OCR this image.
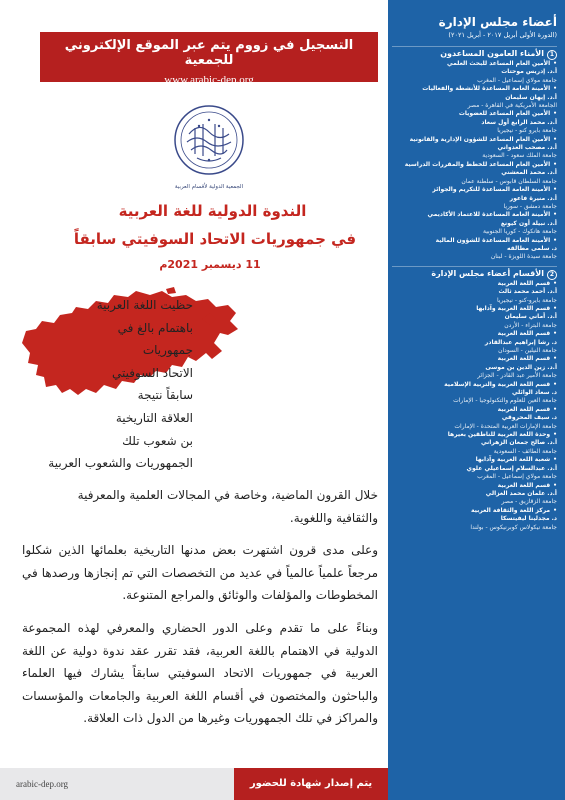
التسجيل في زووم يتم عبر الموقع الإلكتروني للجمعية
www.arabic-dep.org
الجمعية الدولية لأقسام العربية
الندوة الدولية للغة العربية
في جمهوريات الاتحاد السوفيتي سابقاً
11 ديسمبر 2021م
حظيت اللغة العربية
باهتمام بالغ في
جمهوريات
الاتحاد السوفيتي
سابقاً نتيجة
العلاقة التاريخية
بن شعوب تلك
الجمهوريات والشعوب العربية
خلال القرون الماضية، وخاصة في المجالات العلمية والمعرفية
والثقافية واللغوية.
وعلى مدى قرون اشتهرت بعض مدنها التاريخية بعلمائها الذين شكلوا مرجعاً علمياً عالمياً في عديد من التخصصات التي تم إنجازها ورصدها في المخطوطات والمؤلفات والوثائق والمراجع المتنوعة.
وبناءً على ما تقدم وعلى الدور الحضاري والمعرفي لهذه المجموعة الدولية في الاهتمام باللغة العربية، فقد تقرر عقد ندوة دولية عن اللغة العربية في جمهوريات الاتحاد السوفيتي سابقاً يشارك فيها العلماء والباحثون والمختصون في أقسام اللغة العربية والجامعات والمؤسسات والمراكز في تلك الجمهوريات وغيرها من الدول ذات العلاقة.
arabic-dep.org	يتم إصدار شهادة للحضور
أعضاء مجلس الإدارة
(الدورة الأولى أبريل ٢٠١٧ - أبريل ٢٠٢١)
1الأمناء العامون المساعدون
• الأمين العام المساعد للبحث العلمي
أ.د. إدريس موحتات
جامعة مولاي إسماعيل - المغرب
• الأمينة العامة المساعدة للأنشطة والفعاليات
أ.د. إيهان سليمان
الجامعة الأمريكية في القاهرة - مصر
• الأمين العام المساعد للعضويات
أ.د. محمد الرابع أول سعاد
جامعة بايرو كنو - نيجيريا
• الأمين العام المساعد للشؤون الإدارية والقانونية
أ.د. مصحب العدواني
جامعة الملك سعود - السعودية
• الأمين العام المساعد للخطط والمقررات الدراسية
أ.د. محمد المعشني
جامعة السلطان قابوس - سلطنة عمان
• الأمينة العامة المساعدة للتكريم والجوائز
أ.د. منيرة فاعور
جامعة دمشق - سوريا
• الأمينة العامة المساعدة للاعتماد الأكاديمي
أ.د. نبيلة أون كيونغ
جامعة هانكوك - كوريا الجنوبية
• الأمينة العامة المساعدة للشؤون المالية
د. سلمى مطالقه
جامعة سيدة اللويزة - لبنان
2الأقسام أعضاء مجلس الإدارة
• قسم اللغة العربية
أ.د. أحمد محمد ثالث
جامعة بايرو-كنو - نيجيريا
• قسم اللغة العربية وآدابها
أ.د. أماني سليمان
جامعة البتراء - الأردن
• قسم اللغة العربية
د. رشا إبراهيم عبدالقادر
جامعة النيلين - السودان
• قسم اللغة العربية
أ.د. زين الدين بن موسى
جامعة الأمير عبد القادر - الجزائر
• قسم اللغة العربية والتربية الإسلامية
د. سعاد الوائلي
جامعة العين للعلوم والتكنولوجيا - الإمارات
• قسم اللغة العربية
د. سيف المحروقي
جامعة الإمارات العربية المتحدة - الإمارات
• وحدة اللغة العربية للناطقين بغيرها
أ.د. صالح جمعان الزهراني
جامعة الطائف - السعودية
• شعبة اللغة العربية وآدابها
أ.د. عبدالسلام إسماعيلي علوي
جامعة مولاي إسماعيل - المغرب
• قسم اللغة العربية
أ.د. علمان محمد الغزالي
جامعة الزقازيق - مصر
• مركز اللغة والثقافة العربية
د. مجدلينا ليفيتسكا
جامعة نيكولاس كوبرنيكوس - بولندا
